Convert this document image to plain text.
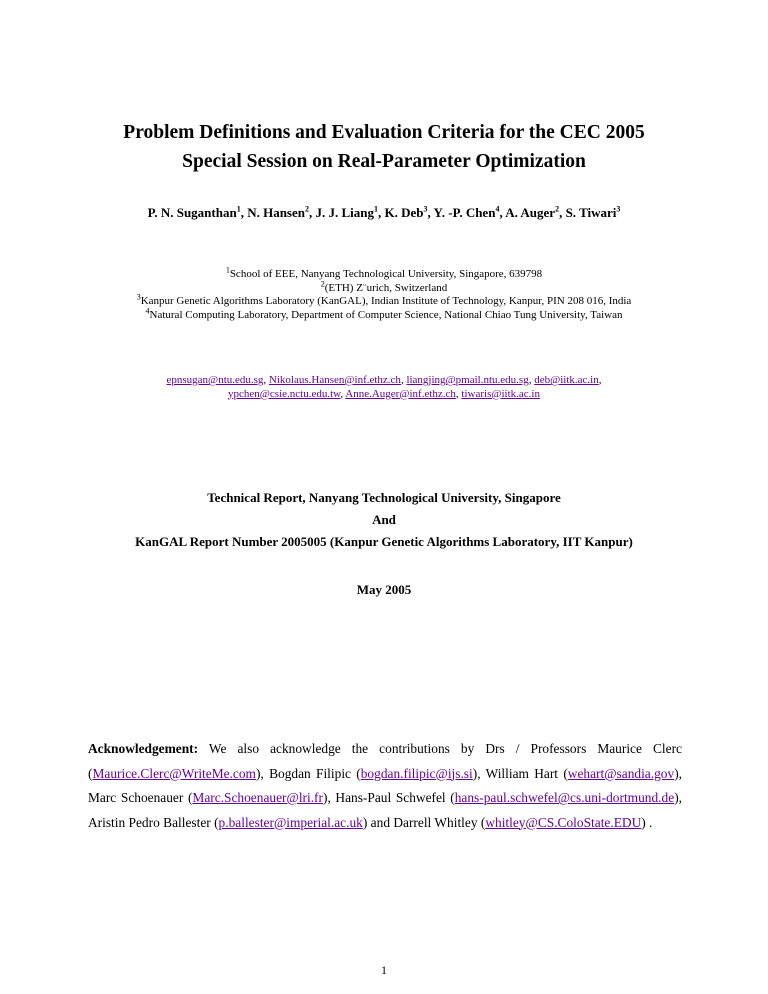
Problem Definitions and Evaluation Criteria for the CEC 2005
Special Session on Real-Parameter Optimization
P. N. Suganthan$^1$, N. Hansen$^2$, J. J. Liang$^1$, K. Deb$^3$, Y. -P. Chen$^4$, A. Auger$^2$, S. Tiwari$^3$
$^1$School of EEE, Nanyang Technological University, Singapore, 639798
$^2$(ETH) Z¨urich, Switzerland
$^3$Kanpur Genetic Algorithms Laboratory (KanGAL), Indian Institute of Technology, Kanpur, PIN 208 016, India
$^4$Natural Computing Laboratory, Department of Computer Science, National Chiao Tung University, Taiwan
epnsugan@ntu.edu.sg, Nikolaus.Hansen@inf.ethz.ch, liangjing@pmail.ntu.edu.sg, deb@iitk.ac.in,
ypchen@csie.nctu.edu.tw, Anne.Auger@inf.ethz.ch, tiwaris@iitk.ac.in
Technical Report, Nanyang Technological University, Singapore
And
KanGAL Report Number 2005005 (Kanpur Genetic Algorithms Laboratory, IIT Kanpur)
May 2005
Acknowledgement: We also acknowledge the contributions by Drs / Professors Maurice Clerc (Maurice.Clerc@WriteMe.com), Bogdan Filipic (bogdan.filipic@ijs.si), William Hart (wehart@sandia.gov), Marc Schoenauer (Marc.Schoenauer@lri.fr), Hans-Paul Schwefel (hans-paul.schwefel@cs.uni-dortmund.de), Aristin Pedro Ballester (p.ballester@imperial.ac.uk) and Darrell Whitley (whitley@CS.ColoState.EDU) .
1
